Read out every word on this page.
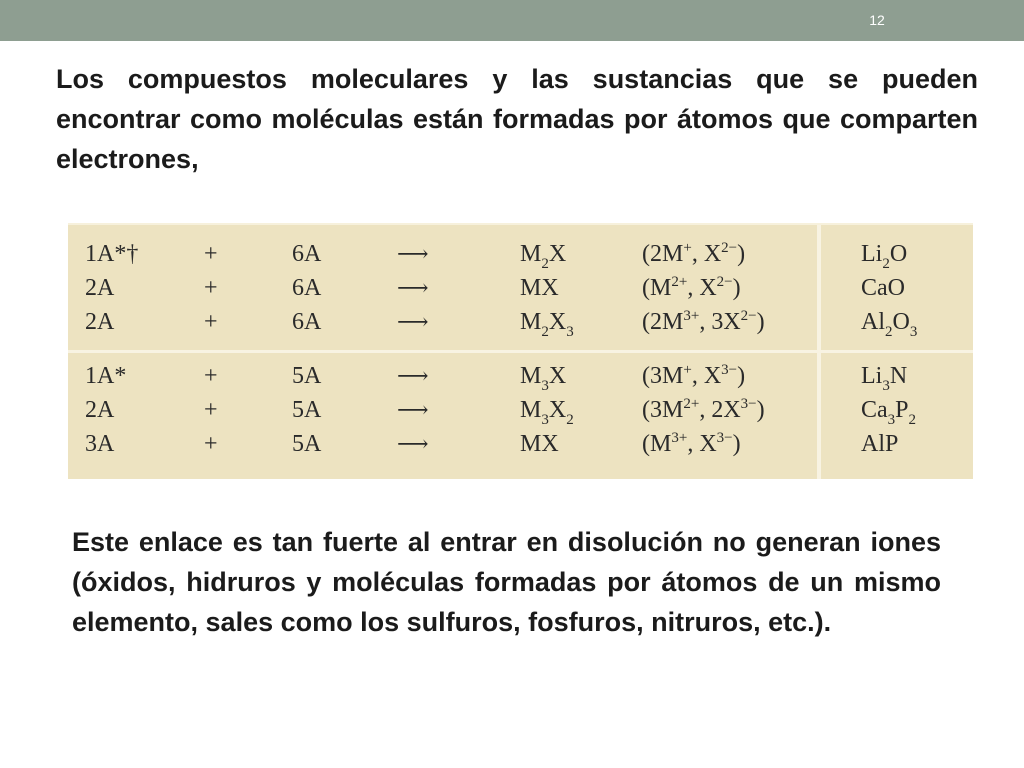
12

Los compuestos moleculares y las sustancias que se pueden encontrar como moléculas están formadas por átomos que comparten electrones,

1A*†	+	6A	⟶	$M_2X$	(2M+, $X^{2-}$)	$Li_2O$
2A	+	6A	⟶	MX	($M^{2+}$, $X^{2-}$)	CaO
2A	+	6A	⟶	$M_2X_3$	($2M^{3+}$, $3X^{2-}$)	$Al_2O_3$
1A*	+	5A	⟶	$M_3X$	(3M+, $X^{3-}$)	$Li_3N$
2A	+	5A	⟶	$M_3X_2$	($3M^{2+}$, $2X^{3-}$)	$Ca_3P_2$
3A	+	5A	⟶	MX	($M^{3+}$, $X^{3-}$)	AlP

Este enlace es tan fuerte al entrar en disolución no generan iones (óxidos, hidruros y moléculas formadas por átomos de un mismo elemento, sales como los sulfuros, fosfuros, nitruros, etc.).
